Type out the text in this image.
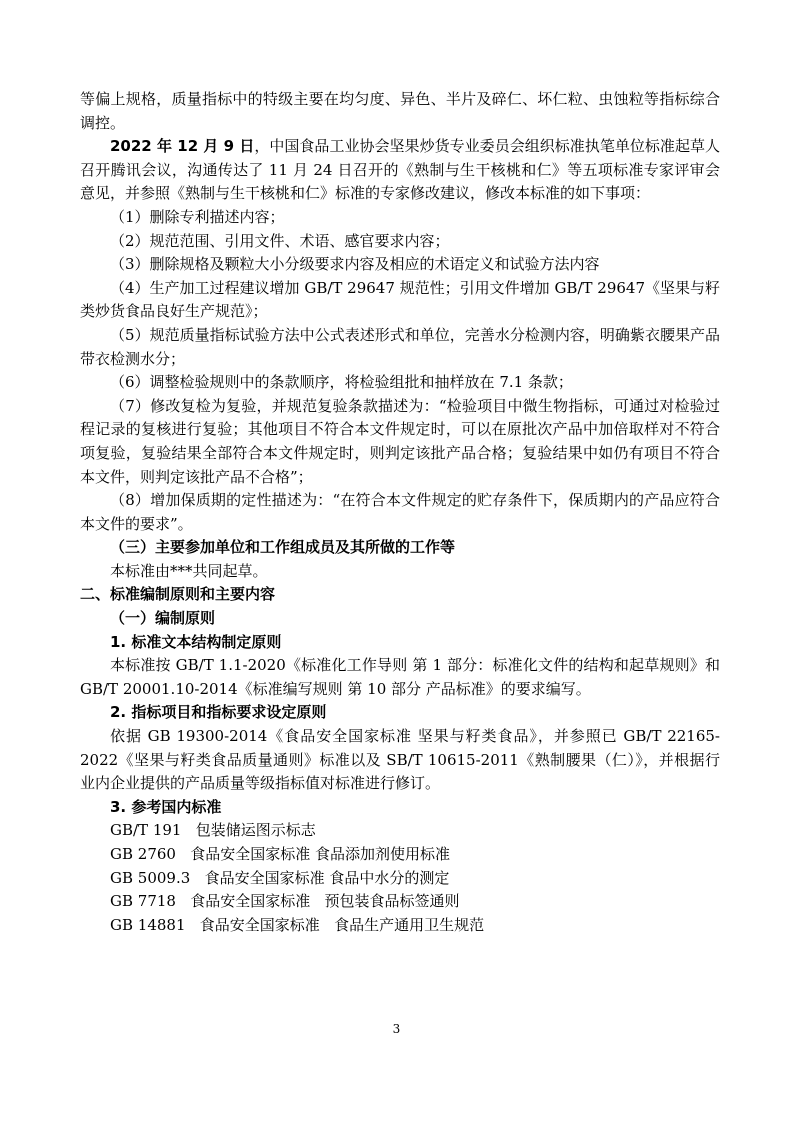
等偏上规格，质量指标中的特级主要在均匀度、异色、半片及碎仁、坏仁粒、虫蚀粒等指标综合调控。

2022 年 12 月 9 日，中国食品工业协会坚果炒货专业委员会组织标准执笔单位标准起草人召开腾讯会议，沟通传达了 11 月 24 日召开的《熟制与生干核桃和仁》等五项标准专家评审会意见，并参照《熟制与生干核桃和仁》标准的专家修改建议，修改本标准的如下事项：

（1）删除专利描述内容；

（2）规范范围、引用文件、术语、感官要求内容；

（3）删除规格及颗粒大小分级要求内容及相应的术语定义和试验方法内容

（4）生产加工过程建议增加 GB/T 29647 规范性；引用文件增加 GB/T 29647《坚果与籽类炒货食品良好生产规范》；

（5）规范质量指标试验方法中公式表述形式和单位，完善水分检测内容，明确紫衣腰果产品带衣检测水分；

（6）调整检验规则中的条款顺序，将检验组批和抽样放在 7.1 条款；

（7）修改复检为复验，并规范复验条款描述为：“检验项目中微生物指标，可通过对检验过程记录的复核进行复验；其他项目不符合本文件规定时，可以在原批次产品中加倍取样对不符合项复验，复验结果全部符合本文件规定时，则判定该批产品合格；复验结果中如仍有项目不符合本文件，则判定该批产品不合格”；

（8）增加保质期的定性描述为：“在符合本文件规定的贮存条件下，保质期内的产品应符合本文件的要求”。

（三）主要参加单位和工作组成员及其所做的工作等

本标准由***共同起草。

二、标准编制原则和主要内容

（一）编制原则

1. 标准文本结构制定原则

本标准按 GB/T 1.1-2020《标准化工作导则 第 1 部分：标准化文件的结构和起草规则》和 GB/T 20001.10-2014《标准编写规则 第 10 部分 产品标准》的要求编写。

2. 指标项目和指标要求设定原则

依据 GB 19300-2014《食品安全国家标准 坚果与籽类食品》，并参照已 GB/T 22165-2022《坚果与籽类食品质量通则》标准以及 SB/T 10615-2011《熟制腰果（仁）》，并根据行业内企业提供的产品质量等级指标值对标准进行修订。

3. 参考国内标准

GB/T 191   包装储运图示标志

GB 2760   食品安全国家标准 食品添加剂使用标准

GB 5009.3   食品安全国家标准 食品中水分的测定

GB 7718   食品安全国家标准   预包装食品标签通则

GB 14881   食品安全国家标准   食品生产通用卫生规范

3
